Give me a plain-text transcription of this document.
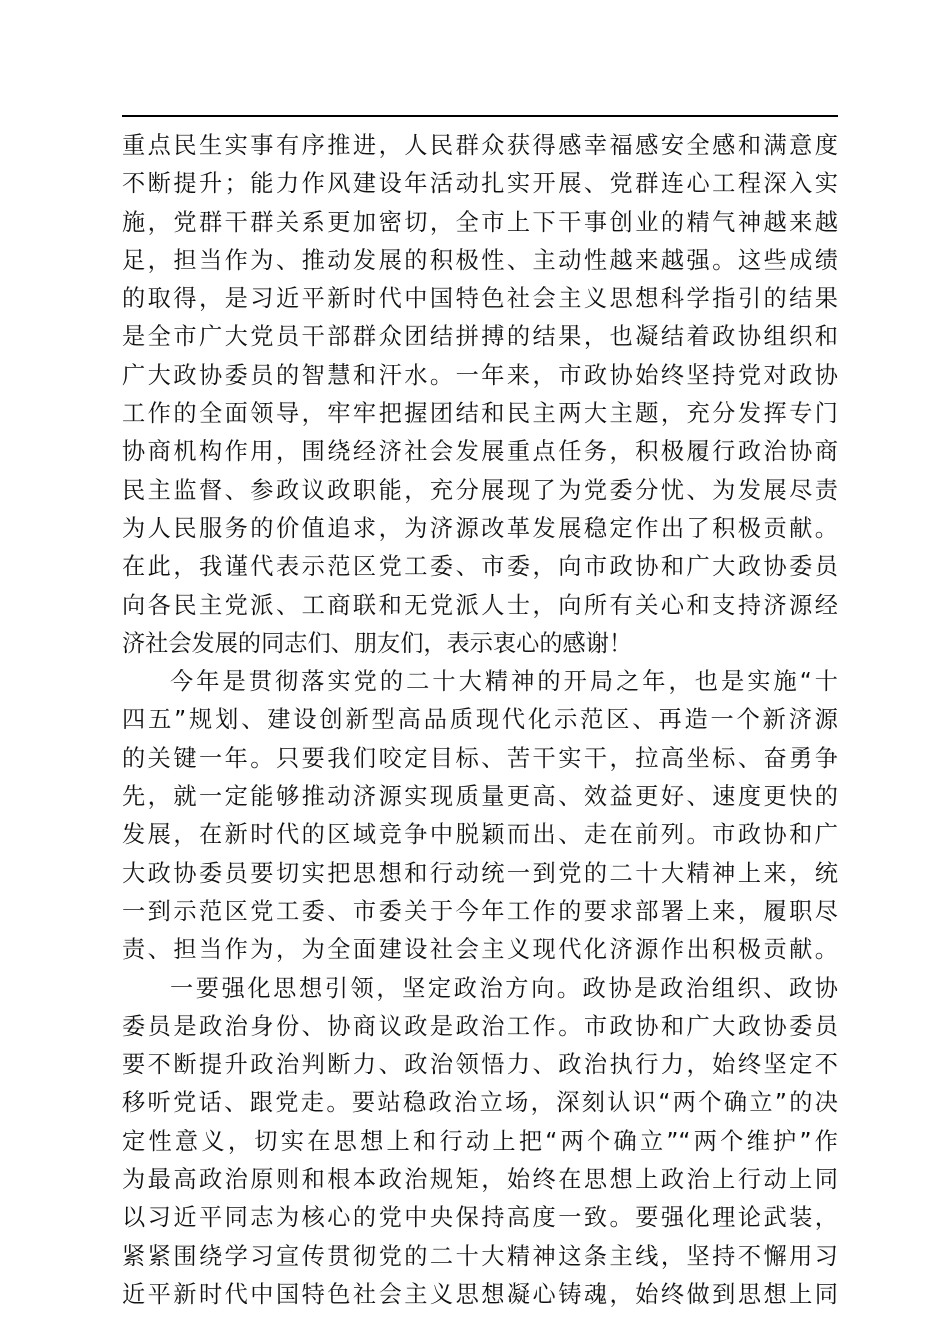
重点民生实事有序推进，人民群众获得感幸福感安全感和满意度
不断提升；能力作风建设年活动扎实开展、党群连心工程深入实
施，党群干群关系更加密切，全市上下干事创业的精气神越来越
足，担当作为、推动发展的积极性、主动性越来越强。这些成绩
的取得，是习近平新时代中国特色社会主义思想科学指引的结果
是全市广大党员干部群众团结拼搏的结果，也凝结着政协组织和
广大政协委员的智慧和汗水。一年来，市政协始终坚持党对政协
工作的全面领导，牢牢把握团结和民主两大主题，充分发挥专门
协商机构作用，围绕经济社会发展重点任务，积极履行政治协商
民主监督、参政议政职能，充分展现了为党委分忧、为发展尽责
为人民服务的价值追求，为济源改革发展稳定作出了积极贡献。
在此，我谨代表示范区党工委、市委，向市政协和广大政协委员
向各民主党派、工商联和无党派人士，向所有关心和支持济源经
济社会发展的同志们、朋友们，表示衷心的感谢！
今年是贯彻落实党的二十大精神的开局之年，也是实施“十
四五”规划、建设创新型高品质现代化示范区、再造一个新济源
的关键一年。只要我们咬定目标、苦干实干，拉高坐标、奋勇争
先，就一定能够推动济源实现质量更高、效益更好、速度更快的
发展，在新时代的区域竞争中脱颖而出、走在前列。市政协和广
大政协委员要切实把思想和行动统一到党的二十大精神上来，统
一到示范区党工委、市委关于今年工作的要求部署上来，履职尽
责、担当作为，为全面建设社会主义现代化济源作出积极贡献。
一要强化思想引领，坚定政治方向。政协是政治组织、政协
委员是政治身份、协商议政是政治工作。市政协和广大政协委员
要不断提升政治判断力、政治领悟力、政治执行力，始终坚定不
移听党话、跟党走。要站稳政治立场，深刻认识“两个确立”的决
定性意义，切实在思想上和行动上把“两个确立”“两个维护”作
为最高政治原则和根本政治规矩，始终在思想上政治上行动上同
以习近平同志为核心的党中央保持高度一致。要强化理论武装，
紧紧围绕学习宣传贯彻党的二十大精神这条主线，坚持不懈用习
近平新时代中国特色社会主义思想凝心铸魂，始终做到思想上同
